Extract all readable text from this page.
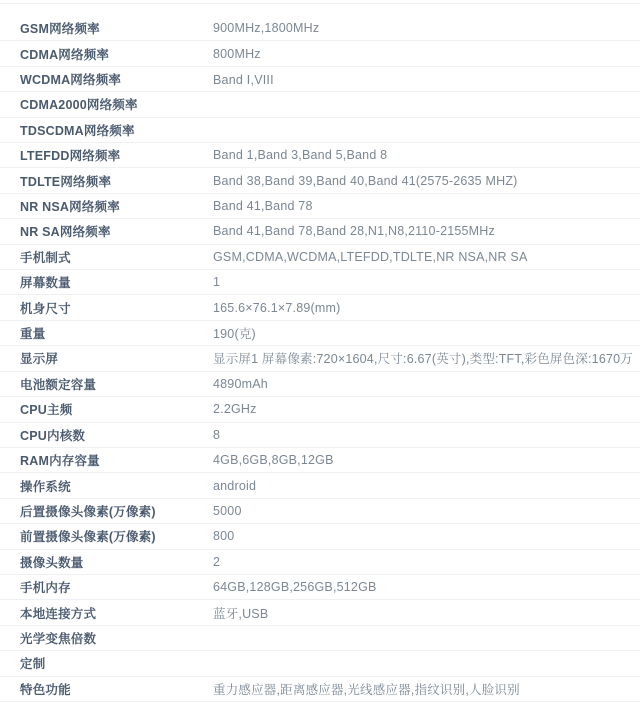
GSM网络频率	900MHz,1800MHz
CDMA网络频率	800MHz
WCDMA网络频率	Band Ⅰ,VIII
CDMA2000网络频率
TDSCDMA网络频率
LTEFDD网络频率	Band 1,Band 3,Band 5,Band 8
TDLTE网络频率	Band 38,Band 39,Band 40,Band 41(2575-2635 MHZ)
NR NSA网络频率	Band 41,Band 78
NR SA网络频率	Band 41,Band 78,Band 28,N1,N8,2110-2155MHz
手机制式	GSM,CDMA,WCDMA,LTEFDD,TDLTE,NR NSA,NR SA
屏幕数量	1
机身尺寸	165.6×76.1×7.89(mm)
重量	190(克)
显示屏	显示屏1 屏幕像素:720×1604,尺寸:6.67(英寸),类型:TFT,彩色屏色深:1670万
电池额定容量	4890mAh
CPU主频	2.2GHz
CPU内核数	8
RAM内存容量	4GB,6GB,8GB,12GB
操作系统	android
后置摄像头像素(万像素)	5000
前置摄像头像素(万像素)	800
摄像头数量	2
手机内存	64GB,128GB,256GB,512GB
本地连接方式	蓝牙,USB
光学变焦倍数
定制
特色功能	重力感应器,距离感应器,光线感应器,指纹识别,人脸识别
